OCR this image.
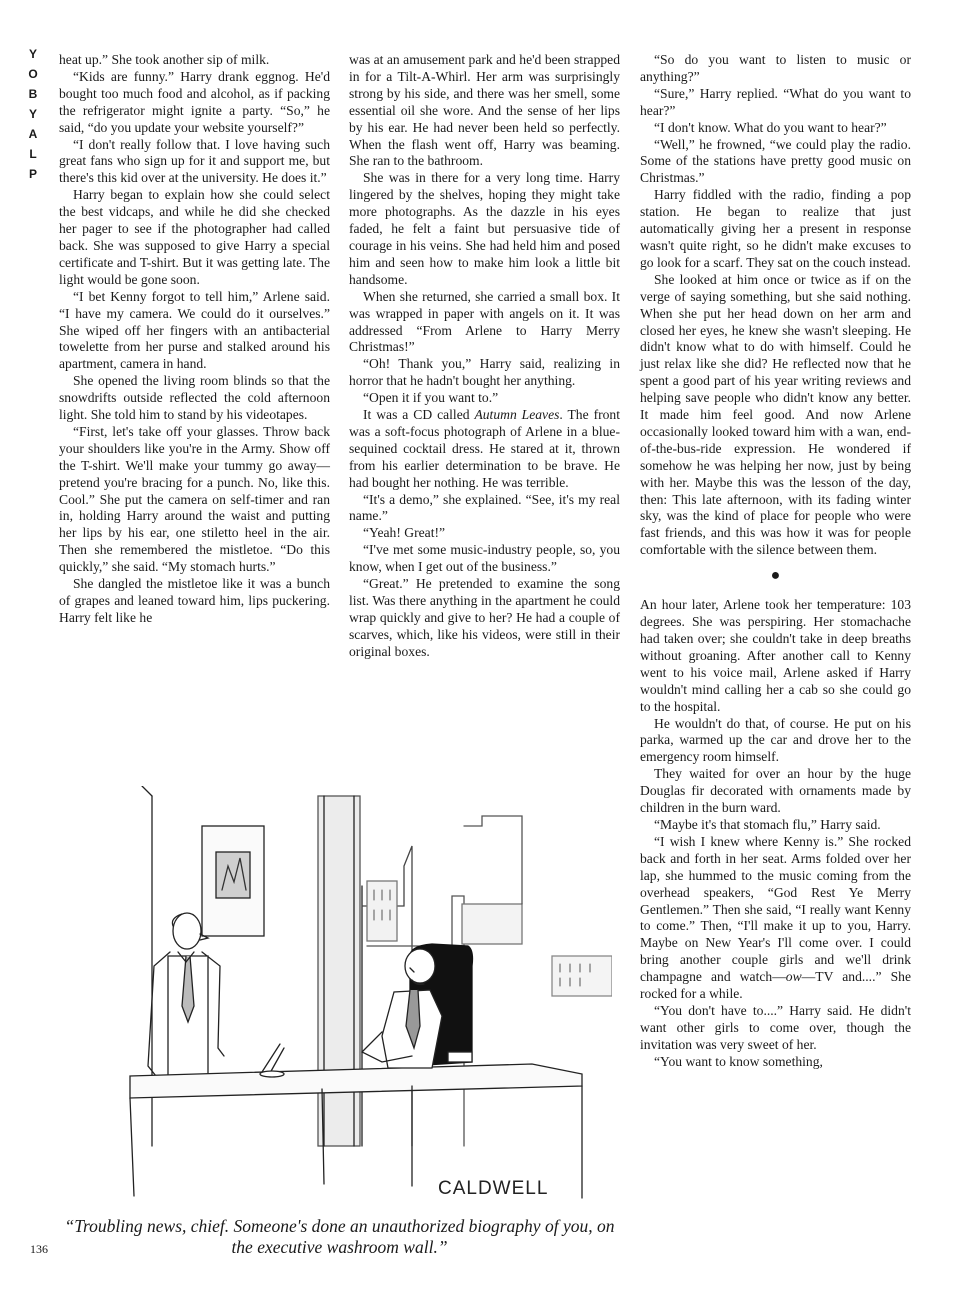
Y
O
B
Y
A
L
P

heat up.” She took another sip of milk.

“Kids are funny.” Harry drank eggnog. He'd bought too much food and alcohol, as if packing the refrigerator might ignite a party. “So,” he said, “do you update your website yourself?”

“I don't really follow that. I love having such great fans who sign up for it and support me, but there's this kid over at the university. He does it.”

Harry began to explain how she could select the best vidcaps, and while he did she checked her pager to see if the photographer had called back. She was supposed to give Harry a special certificate and T-shirt. But it was getting late. The light would be gone soon.

“I bet Kenny forgot to tell him,” Arlene said. “I have my camera. We could do it ourselves.” She wiped off her fingers with an antibacterial towelette from her purse and stalked around his apartment, camera in hand.

She opened the living room blinds so that the snowdrifts outside reflected the cold afternoon light. She told him to stand by his videotapes.

“First, let's take off your glasses. Throw back your shoulders like you're in the Army. Show off the T-shirt. We'll make your tummy go away—pretend you're bracing for a punch. No, like this. Cool.” She put the camera on self-timer and ran in, holding Harry around the waist and putting her lips by his ear, one stiletto heel in the air. Then she remembered the mistletoe. “Do this quickly,” she said. “My stomach hurts.”

She dangled the mistletoe like it was a bunch of grapes and leaned toward him, lips puckering. Harry felt like he

was at an amusement park and he'd been strapped in for a Tilt-A-Whirl. Her arm was surprisingly strong by his side, and there was her smell, some essential oil she wore. And the sense of her lips by his ear. He had never been held so perfectly. When the flash went off, Harry was beaming. She ran to the bathroom.

She was in there for a very long time. Harry lingered by the shelves, hoping they might take more photographs. As the dazzle in his eyes faded, he felt a faint but persuasive tide of courage in his veins. She had held him and posed him and seen how to make him look a little bit handsome.

When she returned, she carried a small box. It was wrapped in paper with angels on it. It was addressed “From Arlene to Harry Merry Christmas!”

“Oh! Thank you,” Harry said, realizing in horror that he hadn't bought her anything.

“Open it if you want to.”

It was a CD called Autumn Leaves. The front was a soft-focus photograph of Arlene in a blue-sequined cocktail dress. He stared at it, thrown from his earlier determination to be brave. He had bought her nothing. He was terrible.

“It's a demo,” she explained. “See, it's my real name.”

“Yeah! Great!”

“I've met some music-industry people, so, you know, when I get out of the business.”

“Great.” He pretended to examine the song list. Was there anything in the apartment he could wrap quickly and give to her? He had a couple of scarves, which, like his videos, were still in their original boxes.

“So do you want to listen to music or anything?”

“Sure,” Harry replied. “What do you want to hear?”

“I don't know. What do you want to hear?”

“Well,” he frowned, “we could play the radio. Some of the stations have pretty good music on Christmas.”

Harry fiddled with the radio, finding a pop station. He began to realize that just automatically giving her a present in response wasn't quite right, so he didn't make excuses to go look for a scarf. They sat on the couch instead.

She looked at him once or twice as if on the verge of saying something, but she said nothing. When she put her head down on her arm and closed her eyes, he knew she wasn't sleeping. He didn't know what to do with himself. Could he just relax like she did? He reflected now that he spent a good part of his year writing reviews and helping save people who didn't know any better. It made him feel good. And now Arlene occasionally looked toward him with a wan, end-of-the-bus-ride expression. He wondered if somehow he was helping her now, just by being with her. Maybe this was the lesson of the day, then: This late afternoon, with its fading winter sky, was the kind of place for people who were fast friends, and this was how it was for people comfortable with the silence between them.

●

An hour later, Arlene took her temperature: 103 degrees. She was perspiring. Her stomachache had taken over; she couldn't take in deep breaths without groaning. After another call to Kenny went to his voice mail, Arlene asked if Harry wouldn't mind calling her a cab so she could go to the hospital.

He wouldn't do that, of course. He put on his parka, warmed up the car and drove her to the emergency room himself.

They waited for over an hour by the huge Douglas fir decorated with ornaments made by children in the burn ward.

“Maybe it's that stomach flu,” Harry said.

“I wish I knew where Kenny is.” She rocked back and forth in her seat. Arms folded over her lap, she hummed to the music coming from the overhead speakers, “God Rest Ye Merry Gentlemen.” Then she said, “I really want Kenny to come.” Then, “I'll make it up to you, Harry. Maybe on New Year's I'll come over. I could bring another couple girls and we'll drink champagne and watch—ow—TV and....” She rocked for a while.

“You don't have to....” Harry said. He didn't want other girls to come over, though the invitation was very sweet of her.

“You want to know something,

CALDWELL
“Troubling news, chief. Someone's done an unauthorized biography of you, on the executive washroom wall.”
136
